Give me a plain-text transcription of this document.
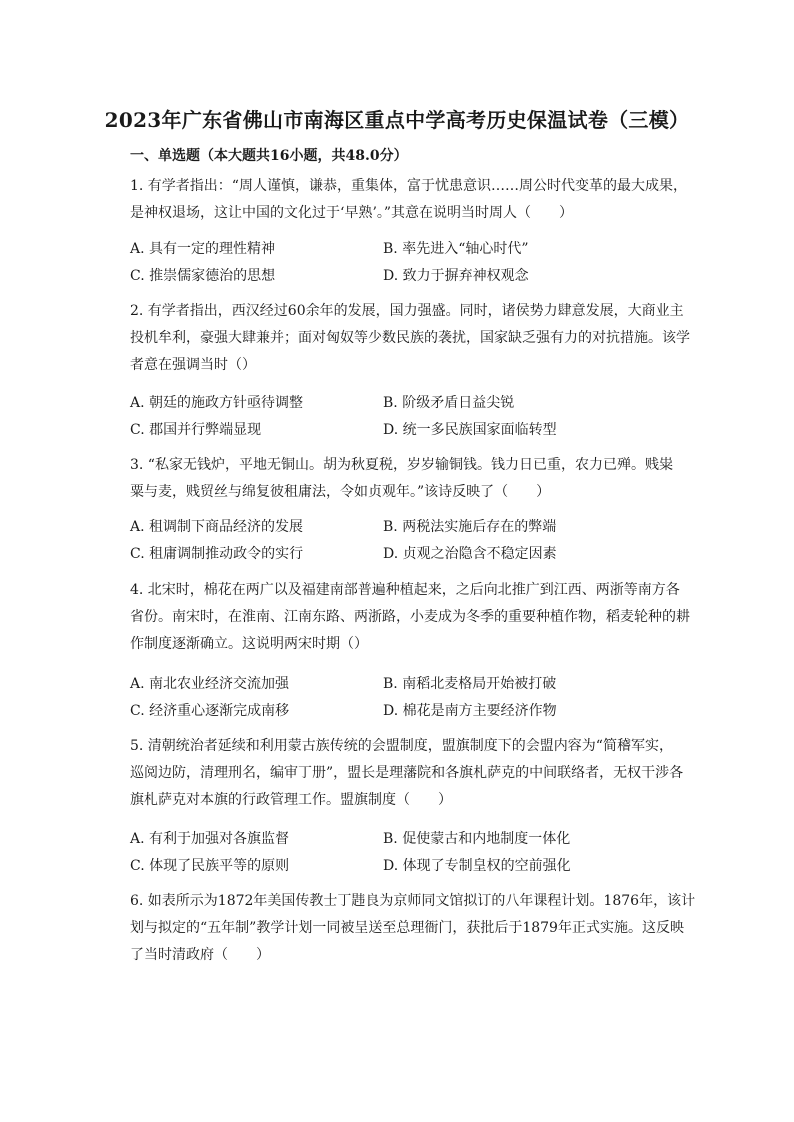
2023年广东省佛山市南海区重点中学高考历史保温试卷（三模）
一、单选题（本大题共16小题，共48.0分）
1. 有学者指出：“周人谨慎，谦恭，重集体，富于忧患意识……周公时代变革的最大成果，
是神权退场，这让中国的文化过于‘早熟’。”其意在说明当时周人（　　）
A. 具有一定的理性精神	B. 率先进入“轴心时代”
C. 推崇儒家德治的思想	D. 致力于摒弃神权观念
2. 有学者指出，西汉经过60余年的发展，国力强盛。同时，诸侯势力肆意发展，大商业主
投机牟利，豪强大肆兼并；面对匈奴等少数民族的袭扰，国家缺乏强有力的对抗措施。该学
者意在强调当时（）
A. 朝廷的施政方针亟待调整	B. 阶级矛盾日益尖锐
C. 郡国并行弊端显现	D. 统一多民族国家面临转型
3. “私家无钱炉，平地无铜山。胡为秋夏税，岁岁输铜钱。钱力日已重，农力已殚。贱粜
粟与麦，贱贸丝与绵复彼租庸法，令如贞观年。”该诗反映了（　　）
A. 租调制下商品经济的发展	B. 两税法实施后存在的弊端
C. 租庸调制推动政令的实行	D. 贞观之治隐含不稳定因素
4. 北宋时，棉花在两广以及福建南部普遍种植起来，之后向北推广到江西、两浙等南方各
省份。南宋时，在淮南、江南东路、两浙路，小麦成为冬季的重要种植作物，稻麦轮种的耕
作制度逐渐确立。这说明两宋时期（）
A. 南北农业经济交流加强	B. 南稻北麦格局开始被打破
C. 经济重心逐渐完成南移	D. 棉花是南方主要经济作物
5. 清朝统治者延续和利用蒙古族传统的会盟制度，盟旗制度下的会盟内容为“简稽军实，
巡阅边防，清理刑名，编审丁册”，盟长是理藩院和各旗札萨克的中间联络者，无权干涉各
旗札萨克对本旗的行政管理工作。盟旗制度（　　）
A. 有利于加强对各旗监督	B. 促使蒙古和内地制度一体化
C. 体现了民族平等的原则	D. 体现了专制皇权的空前强化
6. 如表所示为1872年美国传教士丁韪良为京师同文馆拟订的八年课程计划。1876年，该计
划与拟定的“五年制”教学计划一同被呈送至总理衙门，获批后于1879年正式实施。这反映
了当时清政府（　　）
